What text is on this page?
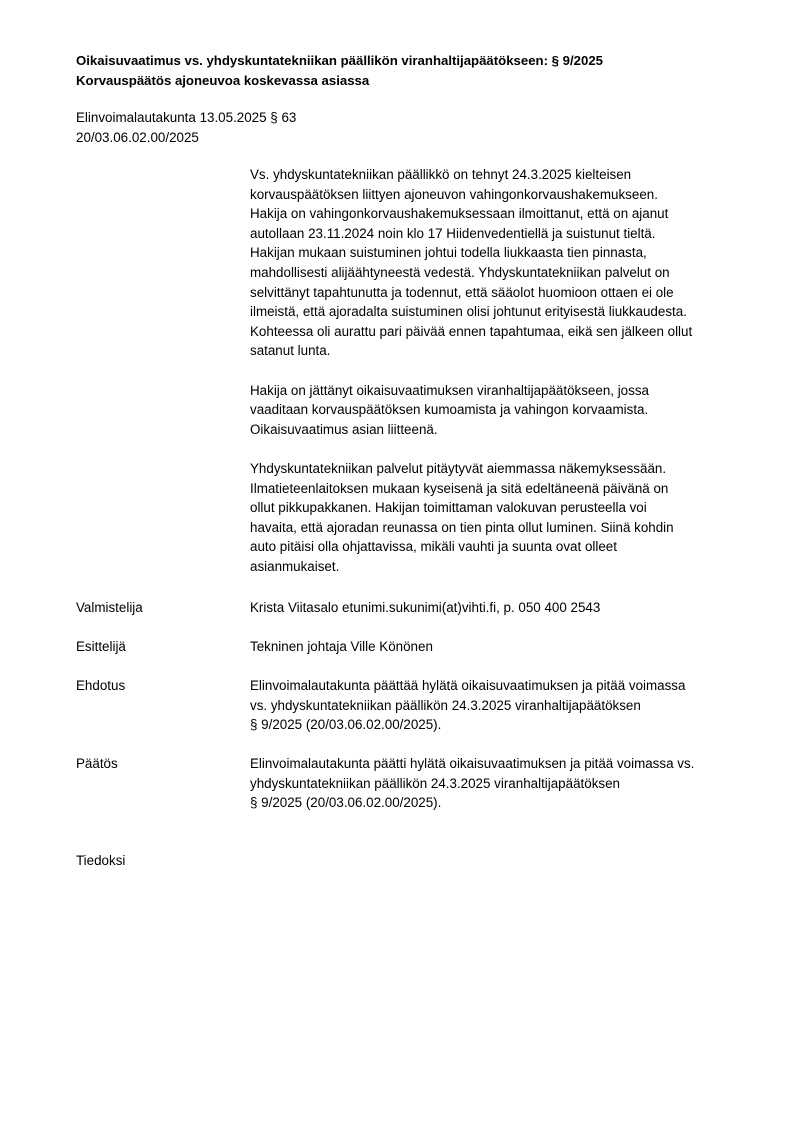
Oikaisuvaatimus vs. yhdyskuntatekniikan päällikön viranhaltijapäätökseen: § 9/2025
Korvauspäätös ajoneuvoa koskevassa asiassa
Elinvoimalautakunta 13.05.2025 § 63
20/03.06.02.00/2025

Vs. yhdyskuntatekniikan päällikkö on tehnyt 24.3.2025 kielteisen
korvauspäätöksen liittyen ajoneuvon vahingonkorvaushakemukseen.
Hakija on vahingonkorvaushakemuksessaan ilmoittanut, että on ajanut
autollaan 23.11.2024 noin klo 17 Hiidenvedentiellä ja suistunut tieltä.
Hakijan mukaan suistuminen johtui todella liukkaasta tien pinnasta,
mahdollisesti alijäähtyneestä vedestä. Yhdyskuntatekniikan palvelut on
selvittänyt tapahtunutta ja todennut, että sääolot huomioon ottaen ei ole
ilmeistä, että ajoradalta suistuminen olisi johtunut erityisestä liukkaudesta.
Kohteessa oli aurattu pari päivää ennen tapahtumaa, eikä sen jälkeen ollut
satanut lunta.

Hakija on jättänyt oikaisuvaatimuksen viranhaltijapäätökseen, jossa
vaaditaan korvauspäätöksen kumoamista ja vahingon korvaamista.
Oikaisuvaatimus asian liitteenä.

Yhdyskuntatekniikan palvelut pitäytyvät aiemmassa näkemyksessään.
Ilmatieteenlaitoksen mukaan kyseisenä ja sitä edeltäneenä päivänä on
ollut pikkupakkanen. Hakijan toimittaman valokuvan perusteella voi
havaita, että ajoradan reunassa on tien pinta ollut luminen. Siinä kohdin
auto pitäisi olla ohjattavissa, mikäli vauhti ja suunta ovat olleet
asianmukaiset.

Valmistelija	Krista Viitasalo etunimi.sukunimi(at)vihti.fi, p. 050 400 2543
Esittelijä	Tekninen johtaja Ville Könönen
Ehdotus	Elinvoimalautakunta päättää hylätä oikaisuvaatimuksen ja pitää voimassa
vs. yhdyskuntatekniikan päällikön 24.3.2025 viranhaltijapäätöksen
§ 9/2025 (20/03.06.02.00/2025).
Päätös	Elinvoimalautakunta päätti hylätä oikaisuvaatimuksen ja pitää voimassa vs.
yhdyskuntatekniikan päällikön 24.3.2025 viranhaltijapäätöksen
§ 9/2025 (20/03.06.02.00/2025).
Tiedoksi
